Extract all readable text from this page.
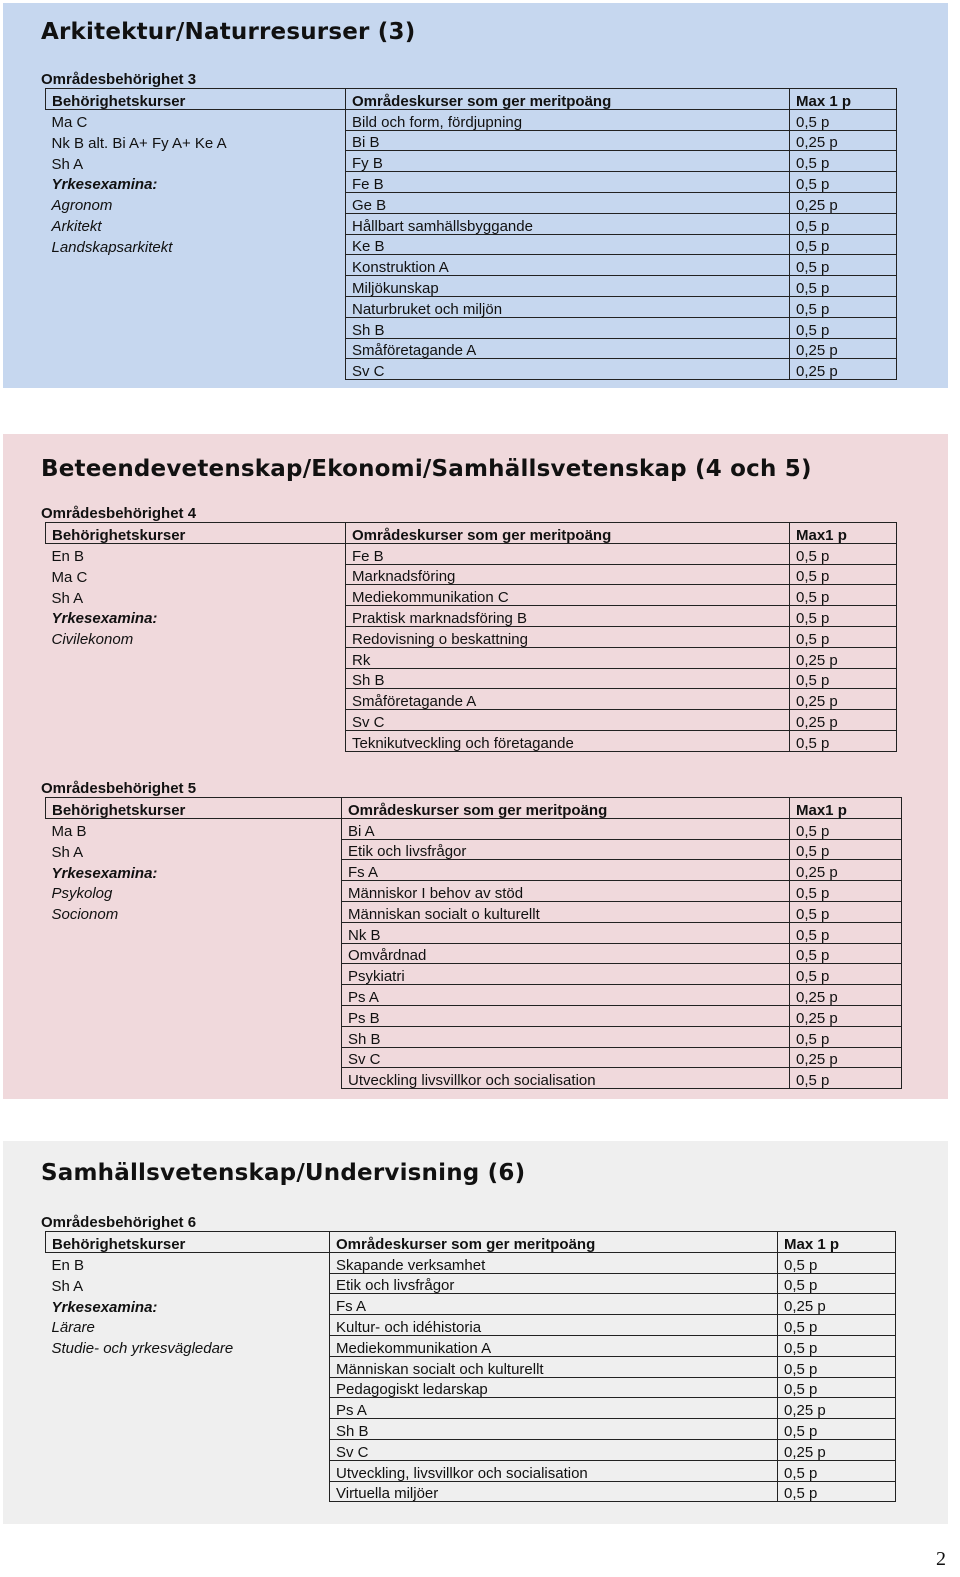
Arkitektur/Naturresurser (3)
Områdesbehörighet 3
Behörighetskurser	Områdeskurser som ger meritpoäng	Max 1 p
Ma C	Bild och form, fördjupning	0,5 p
Nk B alt. Bi A+ Fy A+ Ke A	Bi B	0,25 p
Sh A	Fy B	0,5 p
Yrkesexamina:	Fe B	0,5 p
Agronom	Ge B	0,25 p
Arkitekt	Hållbart samhällsbyggande	0,5 p
Landskapsarkitekt	Ke B	0,5 p
	Konstruktion A	0,5 p
	Miljökunskap	0,5 p
	Naturbruket och miljön	0,5 p
	Sh B	0,5 p
	Småföretagande A	0,25 p
	Sv C	0,25 p
Beteendevetenskap/Ekonomi/Samhällsvetenskap (4 och 5)
Områdesbehörighet 4
Behörighetskurser	Områdeskurser som ger meritpoäng	Max1 p
En B	Fe B	0,5 p
Ma C	Marknadsföring	0,5 p
Sh A	Mediekommunikation C	0,5 p
Yrkesexamina:	Praktisk marknadsföring B	0,5 p
Civilekonom	Redovisning o beskattning	0,5 p
	Rk	0,25 p
	Sh B	0,5 p
	Småföretagande A	0,25 p
	Sv C	0,25 p
	Teknikutveckling och företagande	0,5 p
Områdesbehörighet 5
Behörighetskurser	Områdeskurser som ger meritpoäng	Max1 p
Ma B	Bi A	0,5 p
Sh A	Etik och livsfrågor	0,5 p
Yrkesexamina:	Fs A	0,25 p
Psykolog	Människor I behov av stöd	0,5 p
Socionom	Människan socialt o kulturellt	0,5 p
	Nk B	0,5 p
	Omvårdnad	0,5 p
	Psykiatri	0,5 p
	Ps A	0,25 p
	Ps B	0,25 p
	Sh B	0,5 p
	Sv C	0,25 p
	Utveckling livsvillkor och socialisation	0,5 p
Samhällsvetenskap/Undervisning (6)
Områdesbehörighet 6
Behörighetskurser	Områdeskurser som ger meritpoäng	Max 1 p
En B	Skapande verksamhet	0,5 p
Sh A	Etik och livsfrågor	0,5 p
Yrkesexamina:	Fs A	0,25 p
Lärare	Kultur- och idéhistoria	0,5 p
Studie- och yrkesvägledare	Mediekommunikation A	0,5 p
	Människan socialt och kulturellt	0,5 p
	Pedagogiskt ledarskap	0,5 p
	Ps A	0,25 p
	Sh B	0,5 p
	Sv C	0,25 p
	Utveckling, livsvillkor och socialisation	0,5 p
	Virtuella miljöer	0,5 p
2
